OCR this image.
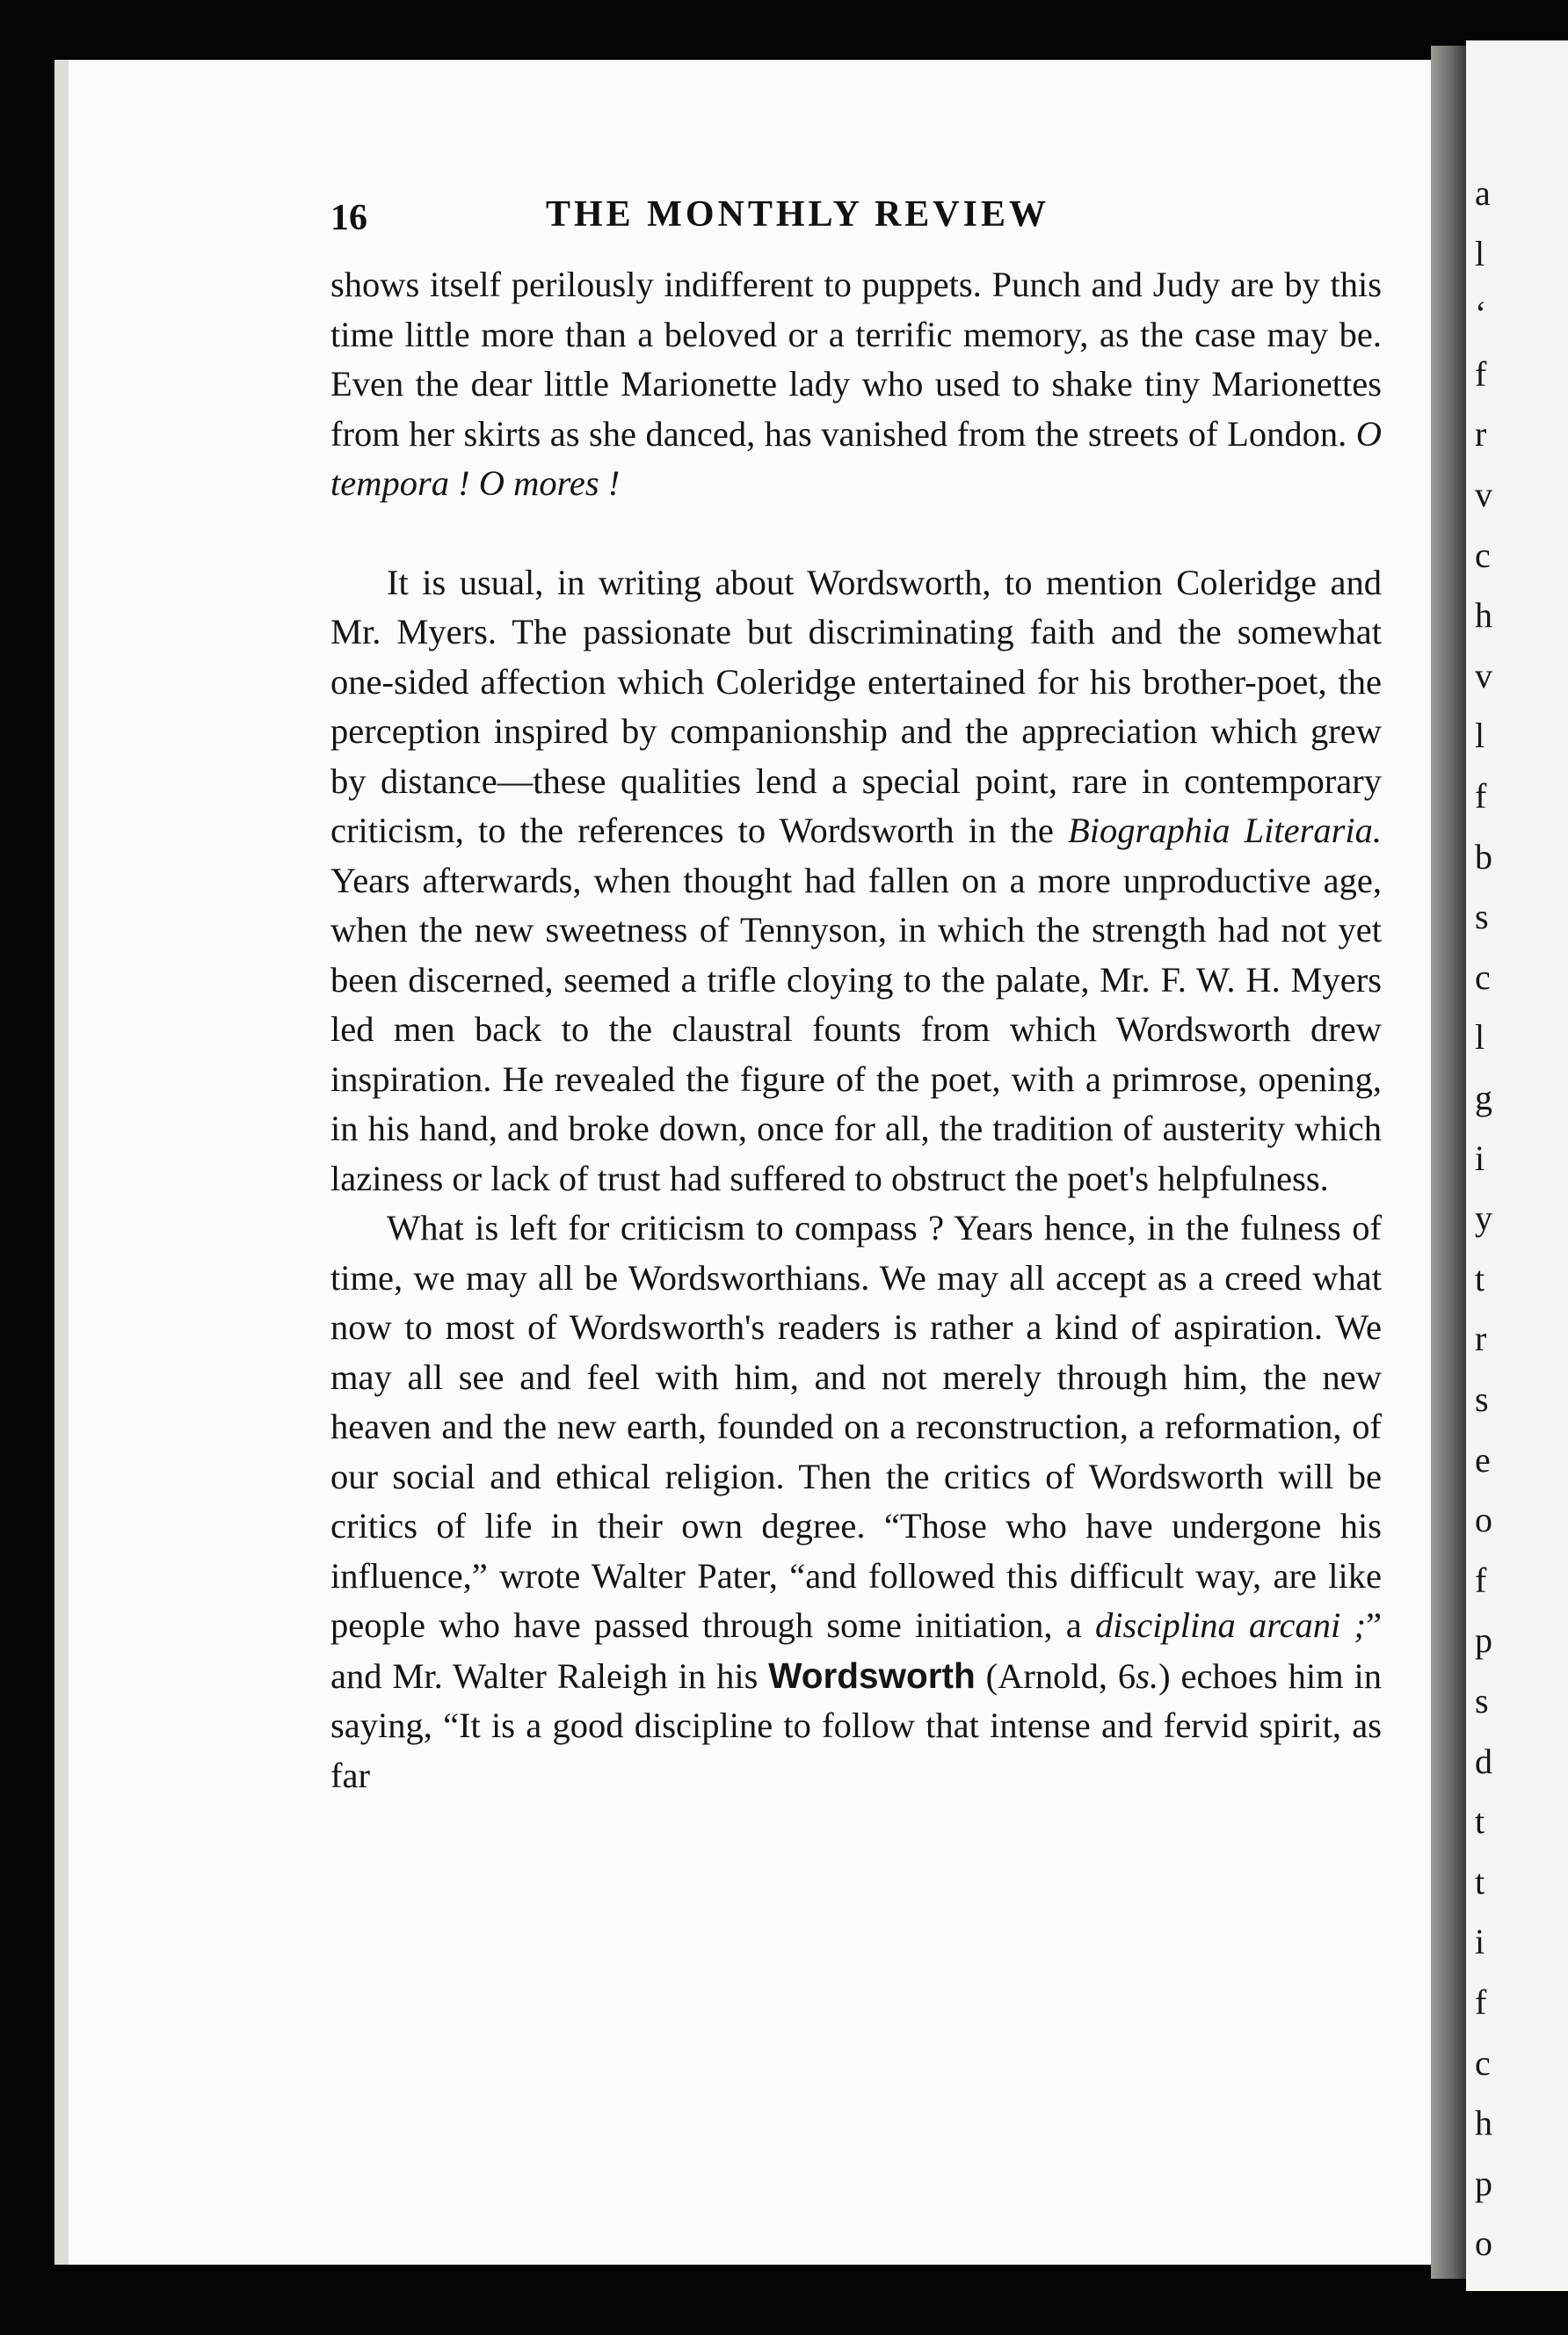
a
l
‘
f
r
v
c
h
v
l
f
b
s
c
l
g
i
y
t
r
s
e
o
f
p
s
d
t
t
i
f
c
h
p
o
16	THE MONTHLY REVIEW

shows itself perilously indifferent to puppets. Punch and Judy are by this time little more than a beloved or a terrific memory, as the case may be. Even the dear little Marionette lady who used to shake tiny Marionettes from her skirts as she danced, has vanished from the streets of London. O tempora ! O mores !

It is usual, in writing about Wordsworth, to mention Coleridge and Mr. Myers. The passionate but discriminating faith and the somewhat one-sided affection which Coleridge entertained for his brother-poet, the perception inspired by companionship and the appreciation which grew by distance—these qualities lend a special point, rare in contemporary criticism, to the references to Wordsworth in the Biographia Literaria. Years afterwards, when thought had fallen on a more unproductive age, when the new sweetness of Tennyson, in which the strength had not yet been discerned, seemed a trifle cloying to the palate, Mr. F. W. H. Myers led men back to the claustral founts from which Wordsworth drew inspiration. He revealed the figure of the poet, with a primrose, opening, in his hand, and broke down, once for all, the tradition of austerity which laziness or lack of trust had suffered to obstruct the poet's helpfulness.

What is left for criticism to compass ? Years hence, in the fulness of time, we may all be Wordsworthians. We may all accept as a creed what now to most of Wordsworth's readers is rather a kind of aspiration. We may all see and feel with him, and not merely through him, the new heaven and the new earth, founded on a reconstruction, a reformation, of our social and ethical religion. Then the critics of Wordsworth will be critics of life in their own degree. “Those who have undergone his influence,” wrote Walter Pater, “and followed this difficult way, are like people who have passed through some initiation, a disciplina arcani ;” and Mr. Walter Raleigh in his Wordsworth (Arnold, 6s.) echoes him in saying, “It is a good discipline to follow that intense and fervid spirit, as far
